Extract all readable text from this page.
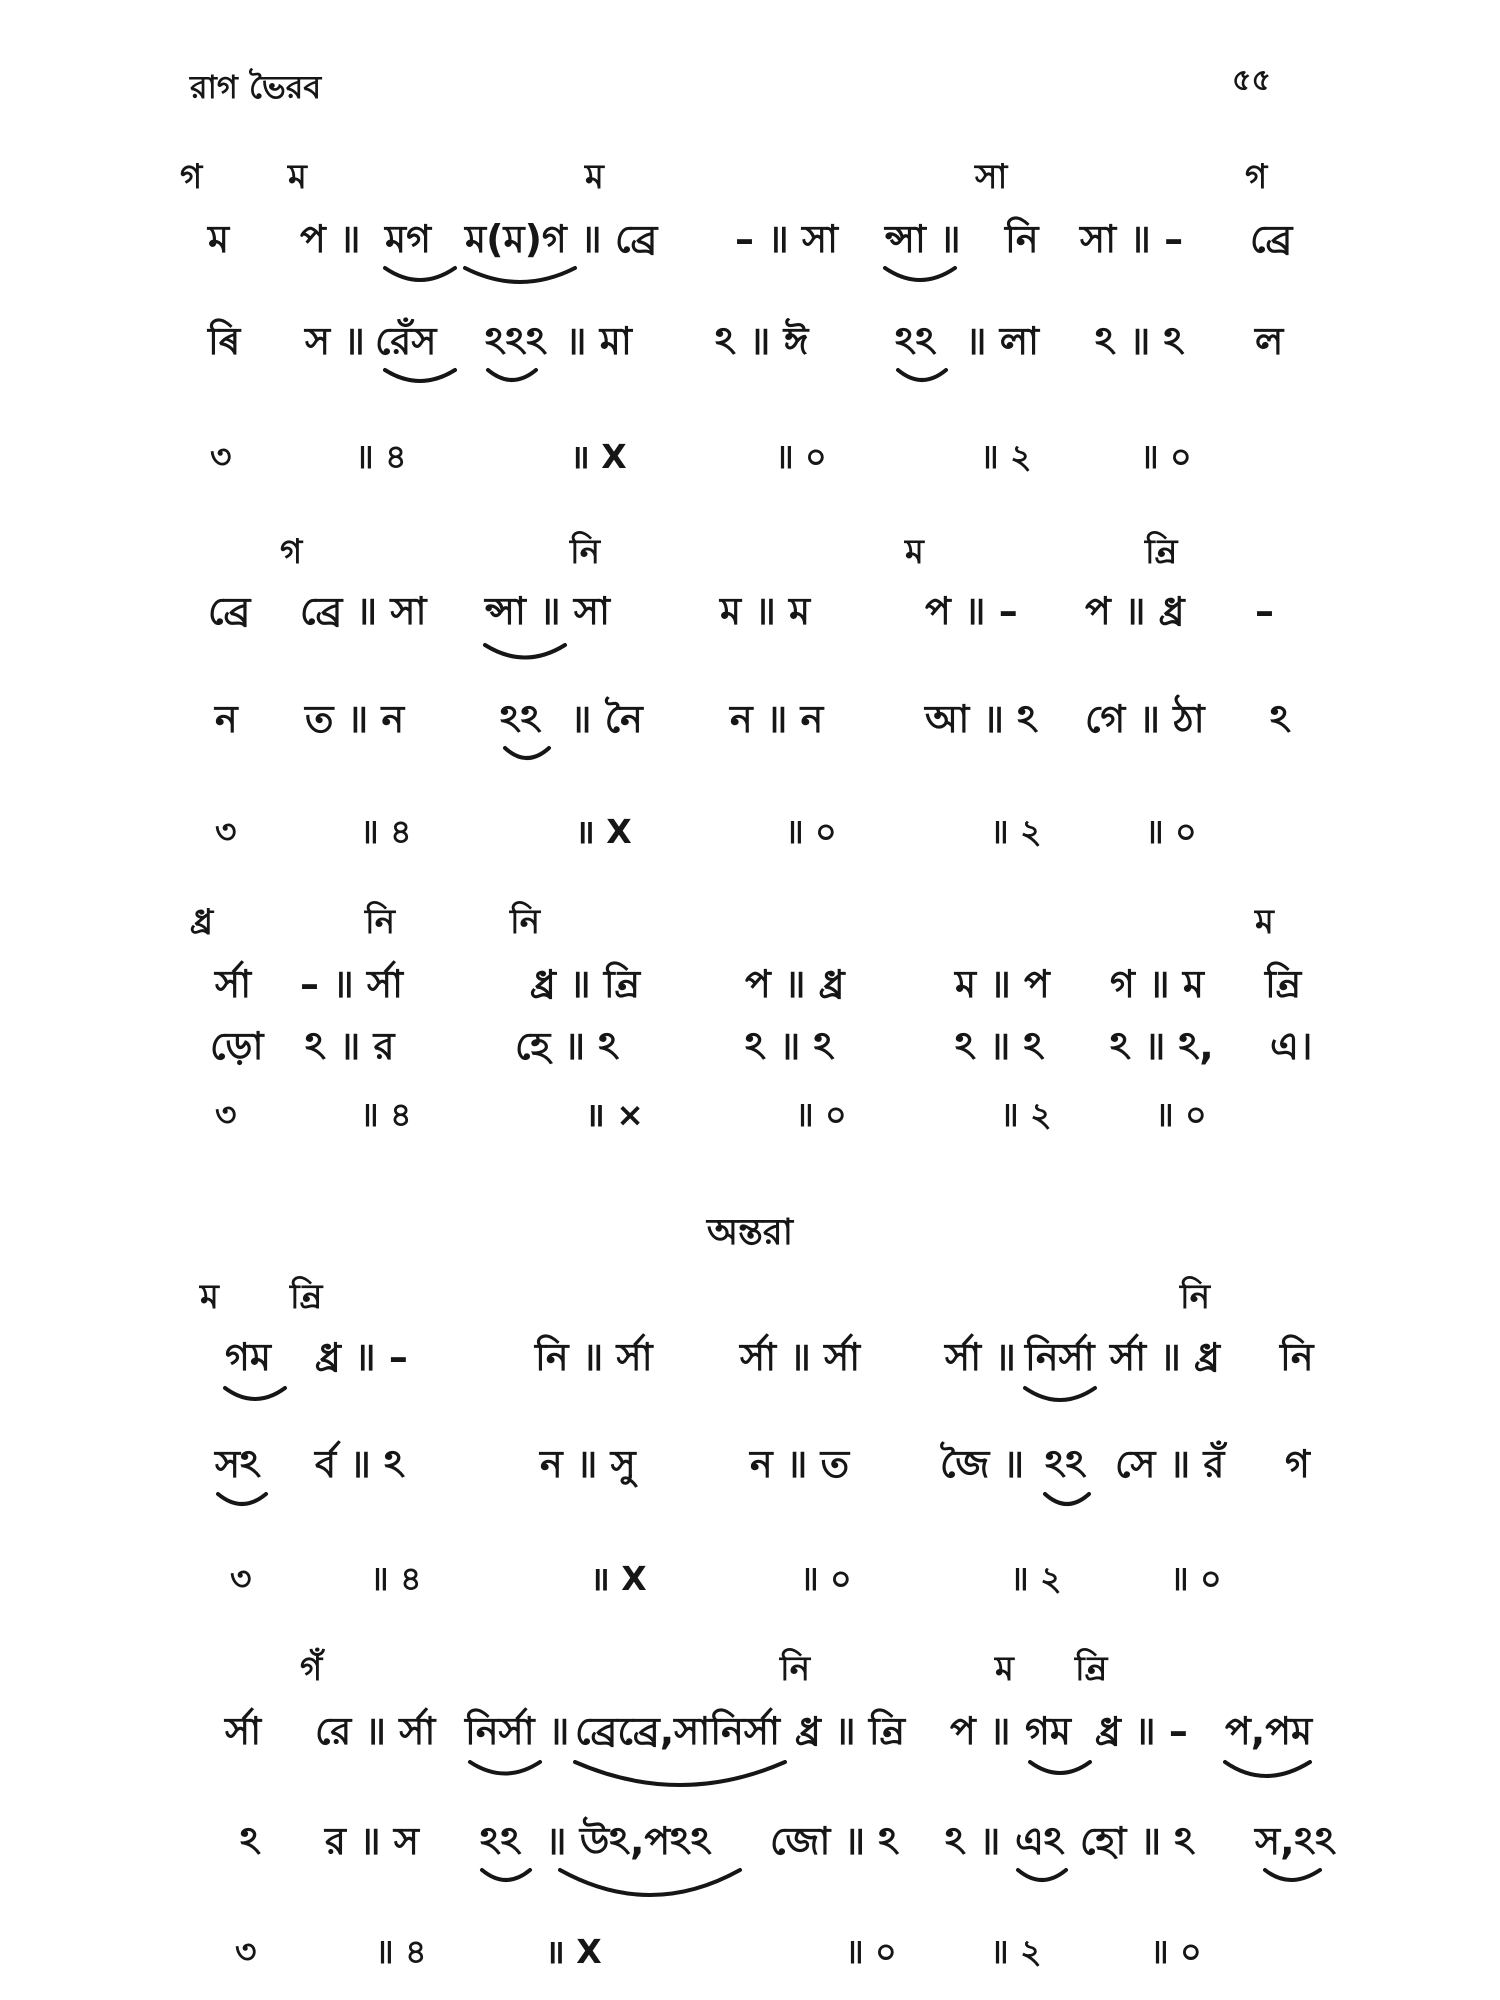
রাগ ভৈরব	৫৫
গ	ম	ম	সা	গ
ম প ॥ মগ ম(ম)গ ॥ ব্রে – ॥ সা ন্সা ॥ নি সা ॥ – ব্রে
ৰি স ॥ রেঁস ঽঽঽ ॥ মা ঽ ॥ ঈ ঽঽ ॥ লা ঽ ॥ ঽ ল
৩	॥ ৪	॥ X	॥ ০	॥ ২	॥ ০
গ	নি	ম	ন্রি
ব্রে ব্রে ॥ সা ন্সা ॥ সা	ম ॥ ম	প ॥ – প ॥ ধ্র –
ন ত ॥ ন	ঽঽ ॥ নৈ ন ॥ ন	আ ॥ ঽ গে ॥ ঠা ঽ
৩	॥ ৪	॥ X	॥ ০	॥ ২	॥ ০
ধ্র	নি	নি	ম
র্সা – ॥ র্সা	ধ্র ॥ ন্রি	প ॥ ধ্র	ম ॥ প গ ॥ ম ন্রি
ড়ো ঽ ॥ র	হে ॥ ঽ	ঽ ॥ ঽ	ঽ ॥ ঽ ঽ ॥ ঽ, এ।
৩	॥ ৪	॥ ×	॥ ০	॥ ২	॥ ০
অন্তরা
ম ন্রি	নি
গম ধ্র ॥ –	নি ॥ র্সা র্সা ॥ র্সা র্সা ॥ নির্সা র্সা ॥ ধ্র নি
সঽ র্ব ॥ ঽ	ন ॥ সু	ন ॥ ত জৈ ॥ ঽঽ সে ॥ রঁ গ
৩	॥ ৪	॥ X	॥ ০	॥ ২	॥ ০
গঁ	নি	ম ন্রি
র্সা রে ॥ র্সা নির্সা ॥ ব্রেব্রে,সানির্সা ধ্র ॥ ন্রি প ॥ গম ধ্র ॥ – প,পম
ঽ র ॥ স ঽঽ ॥ উঽ,পঽঽ জো ॥ ঽ ঽ ॥ এঽ হো ॥ ঽ স,ঽঽ
৩	॥ ৪	॥ X	॥ ০	॥ ২	॥ ০
